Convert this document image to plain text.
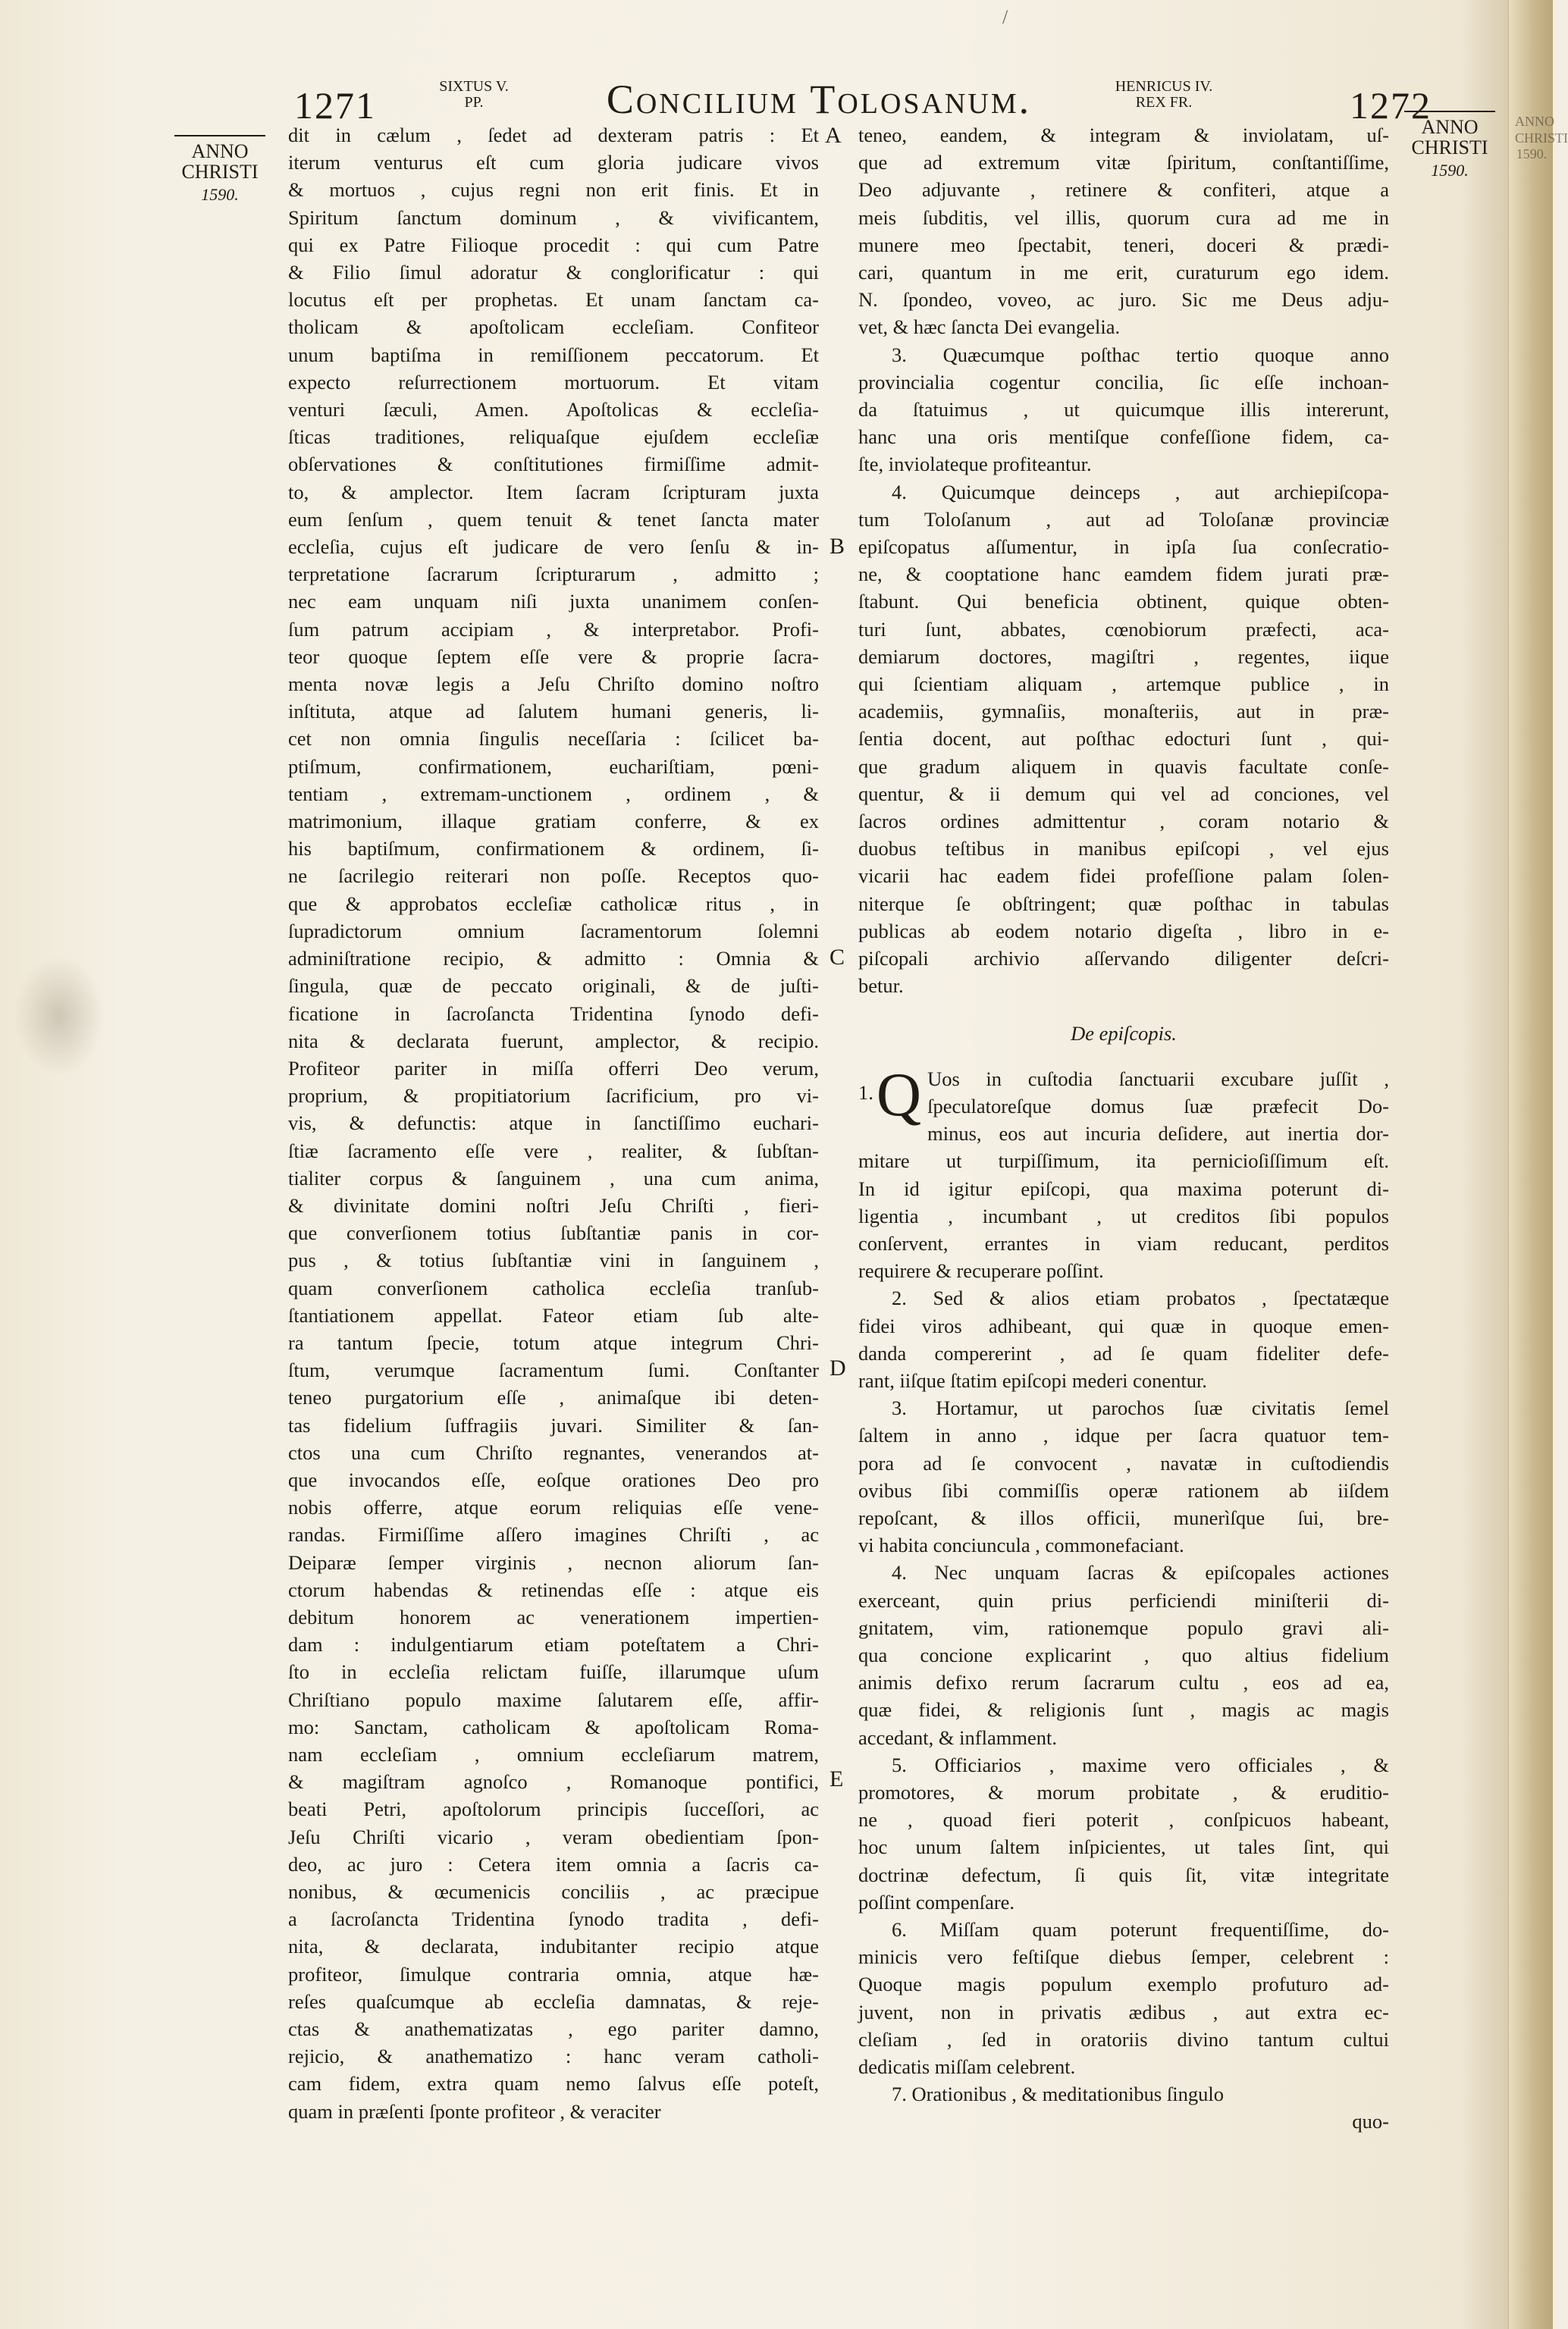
ANNO
CHRISTI
1590.
/
1271	SIXTUS V.
PP.	Concilium Tolosanum.	HENRICUS IV.
REX FR.	1272
ANNO
CHRISTI
1590.
ANNO
CHRISTI
1590.
A
B
C
D
E
dit in cælum , ſedet ad dexteram patris : Et
iterum venturus eſt cum gloria judicare vivos
& mortuos , cujus regni non erit finis. Et in
Spiritum ſanctum dominum , & vivificantem,
qui ex Patre Filioque procedit : qui cum Patre
& Filio ſimul adoratur & conglorificatur : qui
locutus eſt per prophetas. Et unam ſanctam ca-
tholicam & apoſtolicam eccleſiam. Confiteor
unum baptiſma in remiſſionem peccatorum. Et
expecto reſurrectionem mortuorum. Et vitam
venturi ſæculi, Amen. Apoſtolicas & eccleſia-
ſticas traditiones, reliquaſque ejuſdem eccleſiæ
obſervationes & conſtitutiones firmiſſime admit-
to, & amplector. Item ſacram ſcripturam juxta
eum ſenſum , quem tenuit & tenet ſancta mater
eccleſia, cujus eſt judicare de vero ſenſu & in-
terpretatione ſacrarum ſcripturarum , admitto ;
nec eam unquam niſi juxta unanimem conſen-
ſum patrum accipiam , & interpretabor. Profi-
teor quoque ſeptem eſſe vere & proprie ſacra-
menta novæ legis a Jeſu Chriſto domino noſtro
inſtituta, atque ad ſalutem humani generis, li-
cet non omnia ſingulis neceſſaria : ſcilicet ba-
ptiſmum, confirmationem, euchariſtiam, pœni-
tentiam , extremam-unctionem , ordinem , &
matrimonium, illaque gratiam conferre, & ex
his baptiſmum, confirmationem & ordinem, ſi-
ne ſacrilegio reiterari non poſſe. Receptos quo-
que & approbatos eccleſiæ catholicæ ritus , in
ſupradictorum omnium ſacramentorum ſolemni
adminiſtratione recipio, & admitto : Omnia &
ſingula, quæ de peccato originali, & de juſti-
ficatione in ſacroſancta Tridentina ſynodo defi-
nita & declarata fuerunt, amplector, & recipio.
Profiteor pariter in miſſa offerri Deo verum,
proprium, & propitiatorium ſacrificium, pro vi-
vis, & defunctis: atque in ſanctiſſimo euchari-
ſtiæ ſacramento eſſe vere , realiter, & ſubſtan-
tialiter corpus & ſanguinem , una cum anima,
& divinitate domini noſtri Jeſu Chriſti , fieri-
que converſionem totius ſubſtantiæ panis in cor-
pus , & totius ſubſtantiæ vini in ſanguinem ,
quam converſionem catholica eccleſia tranſub-
ſtantiationem appellat. Fateor etiam ſub alte-
ra tantum ſpecie, totum atque integrum Chri-
ſtum, verumque ſacramentum ſumi. Conſtanter
teneo purgatorium eſſe , animaſque ibi deten-
tas fidelium ſuffragiis juvari. Similiter & ſan-
ctos una cum Chriſto regnantes, venerandos at-
que invocandos eſſe, eoſque orationes Deo pro
nobis offerre, atque eorum reliquias eſſe vene-
randas. Firmiſſime aſſero imagines Chriſti , ac
Deiparæ ſemper virginis , necnon aliorum ſan-
ctorum habendas & retinendas eſſe : atque eis
debitum honorem ac venerationem impertien-
dam : indulgentiarum etiam poteſtatem a Chri-
ſto in eccleſia relictam fuiſſe, illarumque uſum
Chriſtiano populo maxime ſalutarem eſſe, affir-
mo: Sanctam, catholicam & apoſtolicam Roma-
nam eccleſiam , omnium eccleſiarum matrem,
& magiſtram agnoſco , Romanoque pontifici,
beati Petri, apoſtolorum principis ſucceſſori, ac
Jeſu Chriſti vicario , veram obedientiam ſpon-
deo, ac juro : Cetera item omnia a ſacris ca-
nonibus, & œcumenicis conciliis , ac præcipue
a ſacroſancta Tridentina ſynodo tradita , defi-
nita, & declarata, indubitanter recipio atque
profiteor, ſimulque contraria omnia, atque hæ-
reſes quaſcumque ab eccleſia damnatas, & reje-
ctas & anathematizatas , ego pariter damno,
rejicio, & anathematizo : hanc veram catholi-
cam fidem, extra quam nemo ſalvus eſſe poteſt,
quam in præſenti ſponte profiteor , & veraciter
teneo, eandem, & integram & inviolatam, uſ-
que ad extremum vitæ ſpiritum, conſtantiſſime,
Deo adjuvante , retinere & confiteri, atque a
meis ſubditis, vel illis, quorum cura ad me in
munere meo ſpectabit, teneri, doceri & prædi-
cari, quantum in me erit, curaturum ego idem.
N. ſpondeo, voveo, ac juro. Sic me Deus adju-
vet, & hæc ſancta Dei evangelia.
3. Quæcumque poſthac tertio quoque anno
provincialia cogentur concilia, ſic eſſe inchoan-
da ſtatuimus , ut quicumque illis intererunt,
hanc una oris mentiſque confeſſione fidem, ca-
ſte, inviolateque profiteantur.
4. Quicumque deinceps , aut archiepiſcopa-
tum Toloſanum , aut ad Toloſanæ provinciæ
epiſcopatus aſſumentur, in ipſa ſua conſecratio-
ne, & cooptatione hanc eamdem fidem jurati præ-
ſtabunt. Qui beneficia obtinent, quique obten-
turi ſunt, abbates, cœnobiorum præfecti, aca-
demiarum doctores, magiſtri , regentes, iique
qui ſcientiam aliquam , artemque publice , in
academiis, gymnaſiis, monaſteriis, aut in præ-
ſentia docent, aut poſthac edocturi ſunt , qui-
que gradum aliquem in quavis facultate conſe-
quentur, & ii demum qui vel ad conciones, vel
ſacros ordines admittentur , coram notario &
duobus teſtibus in manibus epiſcopi , vel ejus
vicarii hac eadem fidei profeſſione palam ſolen-
niterque ſe obſtringent; quæ poſthac in tabulas
publicas ab eodem notario digeſta , libro in e-
piſcopali archivio aſſervando diligenter deſcri-
betur.
De epiſcopis.
1. Q Uos in cuſtodia ſanctuarii excubare juſſit ,
ſpeculatoreſque domus ſuæ præfecit Do-
minus, eos aut incuria deſidere, aut inertia dor-
mitare ut turpiſſimum, ita pernicioſiſſimum eſt.
In id igitur epiſcopi, qua maxima poterunt di-
ligentia , incumbant , ut creditos ſibi populos
conſervent, errantes in viam reducant, perditos
requirere & recuperare poſſint.
2. Sed & alios etiam probatos , ſpectatæque
fidei viros adhibeant, qui quæ in quoque emen-
danda compererint , ad ſe quam fideliter defe-
rant, iiſque ſtatim epiſcopi mederi conentur.
3. Hortamur, ut parochos ſuæ civitatis ſemel
ſaltem in anno , idque per ſacra quatuor tem-
pora ad ſe convocent , navatæ in cuſtodiendis
ovibus ſibi commiſſis operæ rationem ab iiſdem
repoſcant, & illos officii, munerìſque ſui, bre-
vi habita conciuncula , commonefaciant.
4. Nec unquam ſacras & epiſcopales actiones
exerceant, quin prius perficiendi miniſterii di-
gnitatem, vim, rationemque populo gravi ali-
qua concione explicarint , quo altius fidelium
animis defixo rerum ſacrarum cultu , eos ad ea,
quæ fidei, & religionis ſunt , magis ac magis
accedant, & inflamment.
5. Officiarios , maxime vero officiales , &
promotores, & morum probitate , & eruditio-
ne , quoad fieri poterit , conſpicuos habeant,
hoc unum ſaltem inſpicientes, ut tales ſint, qui
doctrinæ defectum, ſi quis ſit, vitæ integritate
poſſint compenſare.
6. Miſſam quam poterunt frequentiſſime, do-
minicis vero feſtiſque diebus ſemper, celebrent :
Quoque magis populum exemplo profuturo ad-
juvent, non in privatis ædibus , aut extra ec-
cleſiam , ſed in oratoriis divino tantum cultui
dedicatis miſſam celebrent.
7. Orationibus , & meditationibus ſingulo
quo-
